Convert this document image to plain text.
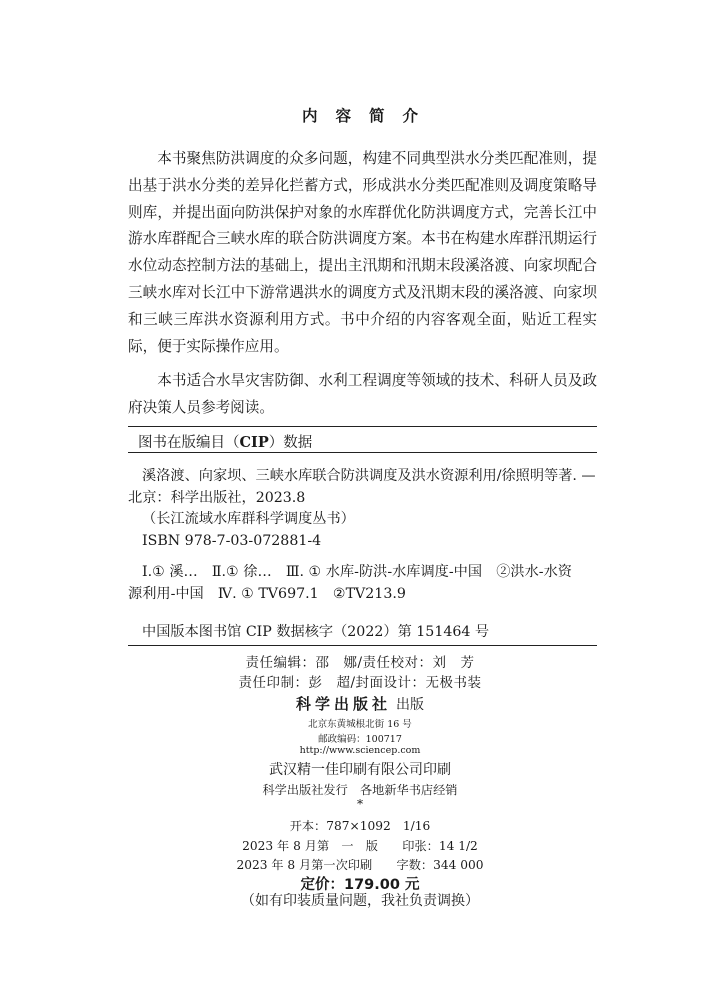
内容简介

本书聚焦防洪调度的众多问题，构建不同典型洪水分类匹配准则，提出基于洪水分类的差异化拦蓄方式，形成洪水分类匹配准则及调度策略导则库，并提出面向防洪保护对象的水库群优化防洪调度方式，完善长江中游水库群配合三峡水库的联合防洪调度方案。本书在构建水库群汛期运行水位动态控制方法的基础上，提出主汛期和汛期末段溪洛渡、向家坝配合三峡水库对长江中下游常遇洪水的调度方式及汛期末段的溪洛渡、向家坝和三峡三库洪水资源利用方式。书中介绍的内容客观全面，贴近工程实际，便于实际操作应用。

本书适合水旱灾害防御、水利工程调度等领域的技术、科研人员及政府决策人员参考阅读。

图书在版编目（CIP）数据
溪洛渡、向家坝、三峡水库联合防洪调度及洪水资源利用/徐照明等著. —
北京：科学出版社，2023.8
（长江流域水库群科学调度丛书）
ISBN 978-7-03-072881-4
Ⅰ.① 溪…　Ⅱ.① 徐…　Ⅲ. ① 水库-防洪-水库调度-中国　②洪水-水资
源利用-中国　Ⅳ. ① TV697.1　②TV213.9
中国版本图书馆 CIP 数据核字（2022）第 151464 号
责任编辑：邵　娜/责任校对：刘　芳
责任印制：彭　超/封面设计：无极书装
科学出版社 出版
北京东黄城根北街 16 号
邮政编码：100717
http://www.sciencep.com
武汉精一佳印刷有限公司印刷
科学出版社发行　各地新华书店经销
*
开本：787×1092　1/16
2023 年 8 月第　一　版　　印张：14 1/2
2023 年 8 月第一次印刷　　字数：344 000
定价：179.00 元
（如有印装质量问题，我社负责调换）
